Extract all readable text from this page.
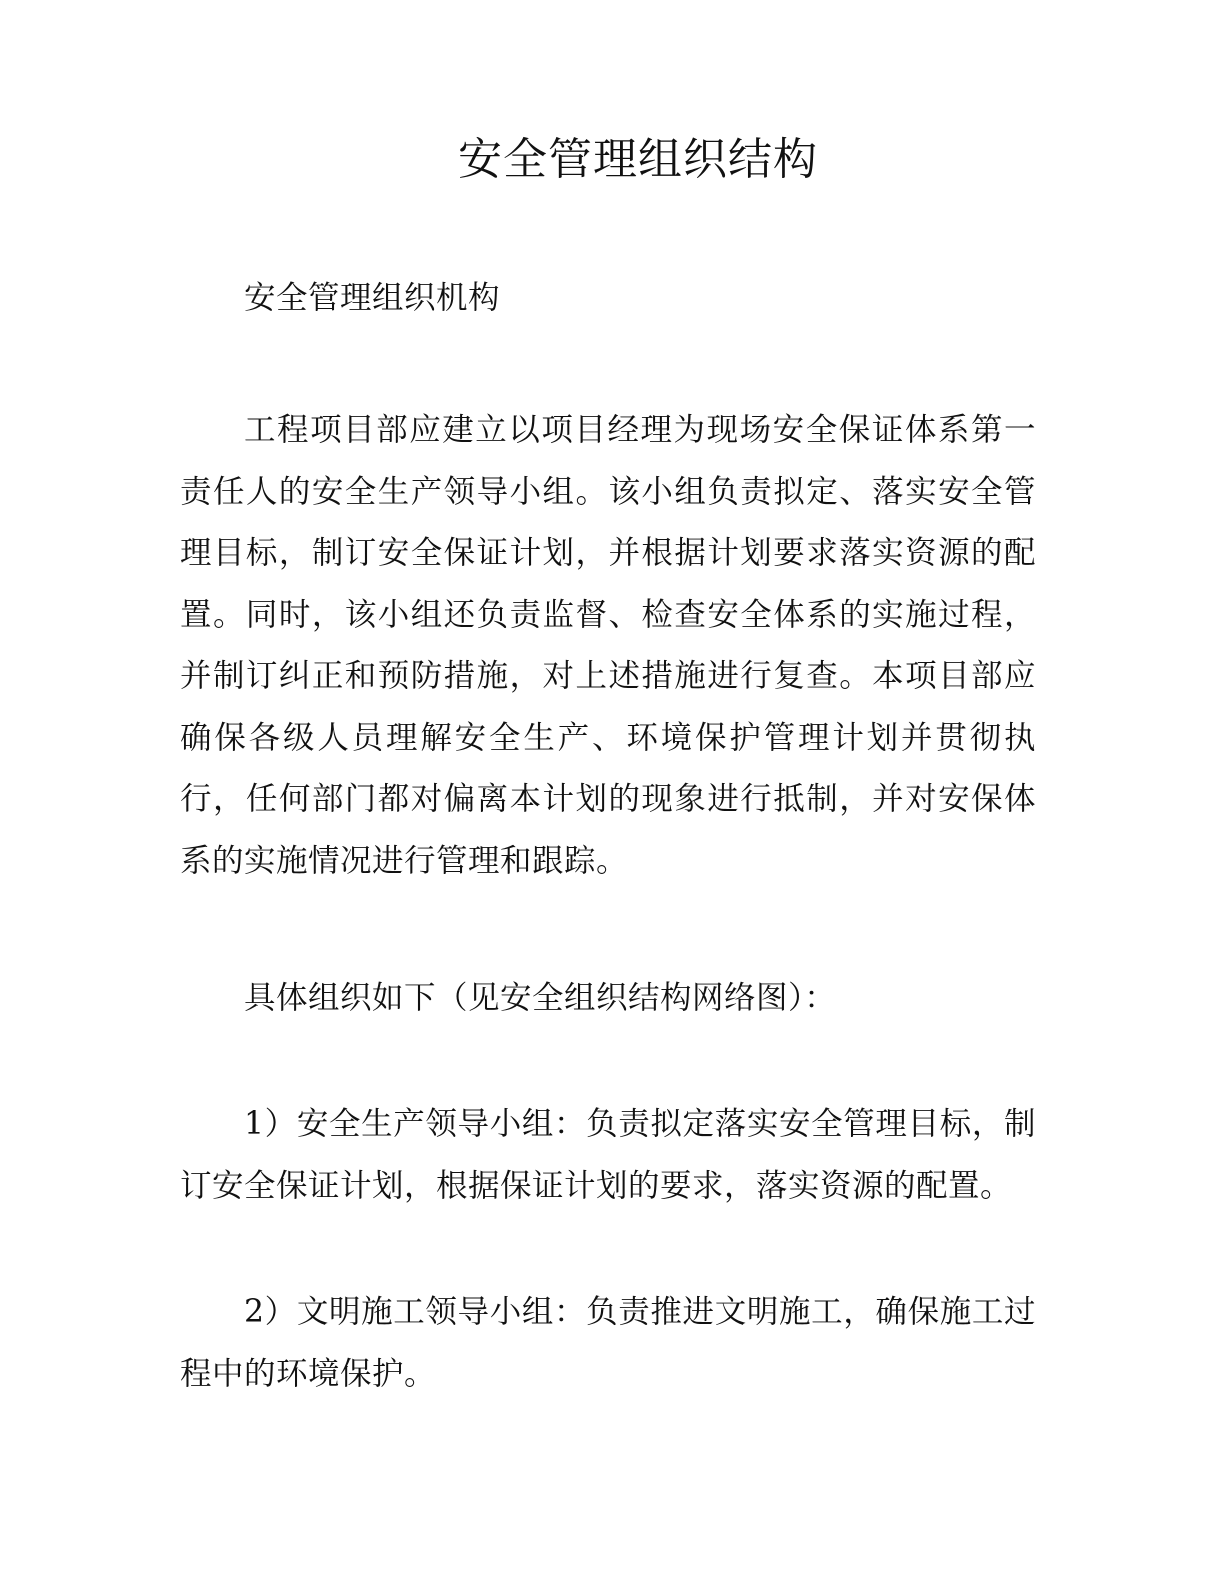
安全管理组织结构

安全管理组织机构

工程项目部应建立以项目经理为现场安全保证体系第一责任人的安全生产领导小组。该小组负责拟定、落实安全管理目标，制订安全保证计划，并根据计划要求落实资源的配置。同时，该小组还负责监督、检查安全体系的实施过程，并制订纠正和预防措施，对上述措施进行复查。本项目部应确保各级人员理解安全生产、环境保护管理计划并贯彻执行，任何部门都对偏离本计划的现象进行抵制，并对安保体系的实施情况进行管理和跟踪。

具体组织如下（见安全组织结构网络图）：

1）安全生产领导小组：负责拟定落实安全管理目标，制订安全保证计划，根据保证计划的要求，落实资源的配置。

2）文明施工领导小组：负责推进文明施工，确保施工过程中的环境保护。
